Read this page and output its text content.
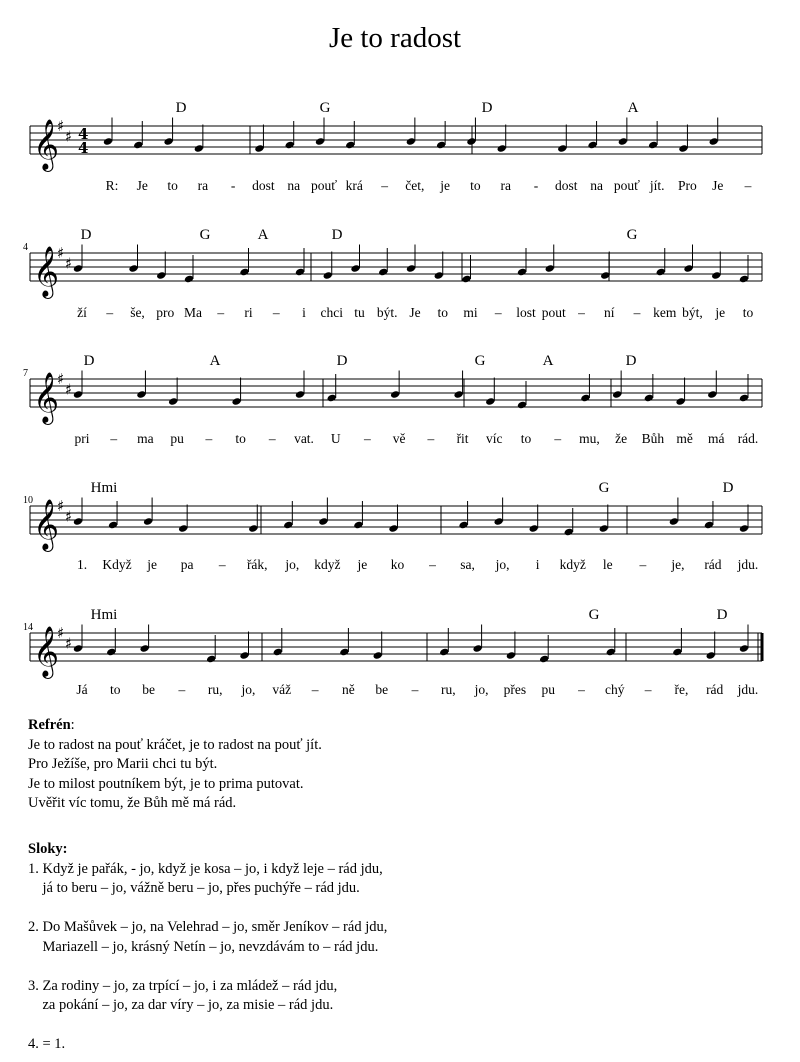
Je to radost
𝄞
♯
♯ 4
4
D	G	D	A
R: Je to ra - dost na pouť krá – čet, je to ra - dost na pouť jít. Pro Je –
𝄞
♯
♯
4
D	G	A	D	G
ží – še, pro Ma – ri – i chci tu být. Je to mi – lost pout – ní – kem být, je to
𝄞
♯
♯
7
D	A	D	G	A	D
pri – ma pu – to – vat. U – vě – řit víc to – mu, že Bůh mě má rád.
𝄞
♯
♯
10
Hmi	G	D
1. Když je pa – řák, jo, když je ko – sa, jo, i když le – je, rád jdu.
𝄞
♯
♯
14
Hmi	G	D
Já to be – ru, jo, váž – ně be – ru, jo, přes pu – chý – ře, rád jdu.
Refrén:
Je to radost na pouť kráčet, je to radost na pouť jít.
Pro Ježíše, pro Marii chci tu být.
Je to milost poutníkem být, je to prima putovat.
Uvěřit víc tomu, že Bůh mě má rád.
Sloky:
1. Když je pařák, - jo, když je kosa – jo, i když leje – rád jdu,
já to beru – jo, vážně beru – jo, přes puchýře – rád jdu.
2. Do Mašůvek – jo, na Velehrad – jo, směr Jeníkov – rád jdu,
Mariazell – jo, krásný Netín – jo, nevzdávám to – rád jdu.
3. Za rodiny – jo, za trpící – jo, i za mládež – rád jdu,
za pokání – jo, za dar víry – jo, za misie – rád jdu.
4. = 1.
